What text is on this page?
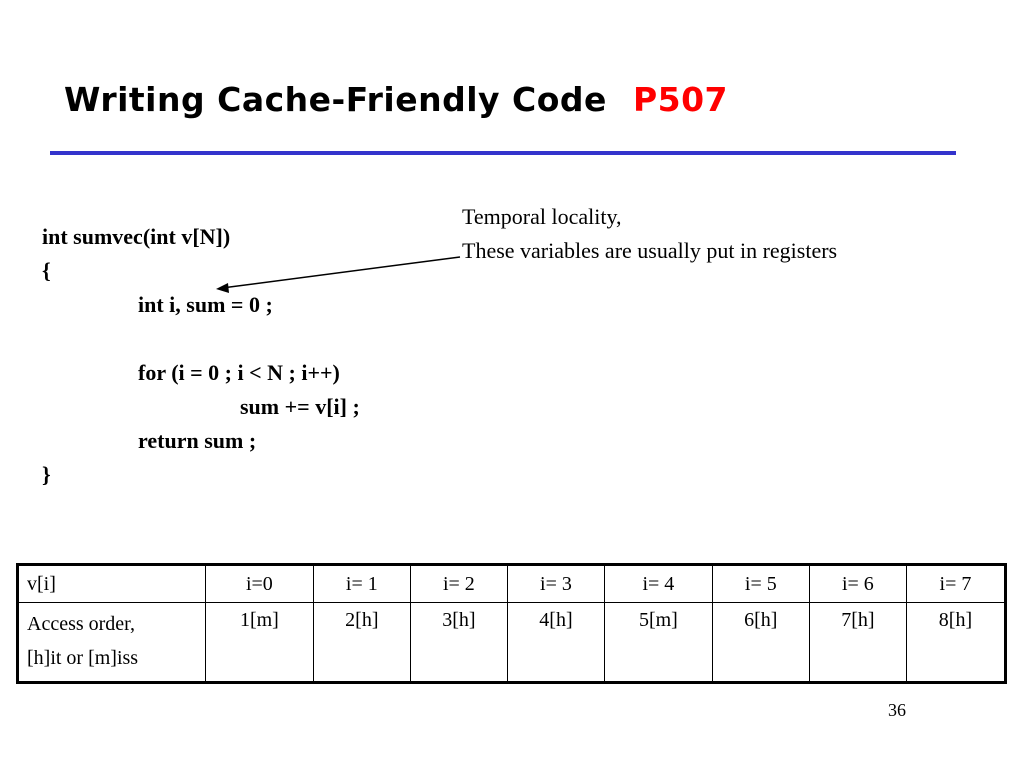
Writing Cache-Friendly Code P507
int sumvec(int v[N])
{
int i, sum = 0 ;
for (i = 0 ; i < N ; i++)
sum += v[i] ;
return sum ;
}
Temporal locality,
These variables are usually put in registers
v[i]	i=0	i= 1	i= 2	i= 3	i= 4	i= 5	i= 6	i= 7

Access order,
[h]it or [m]iss	1[m]	2[h]	3[h]	4[h]	5[m]	6[h]	7[h]	8[h]
36
